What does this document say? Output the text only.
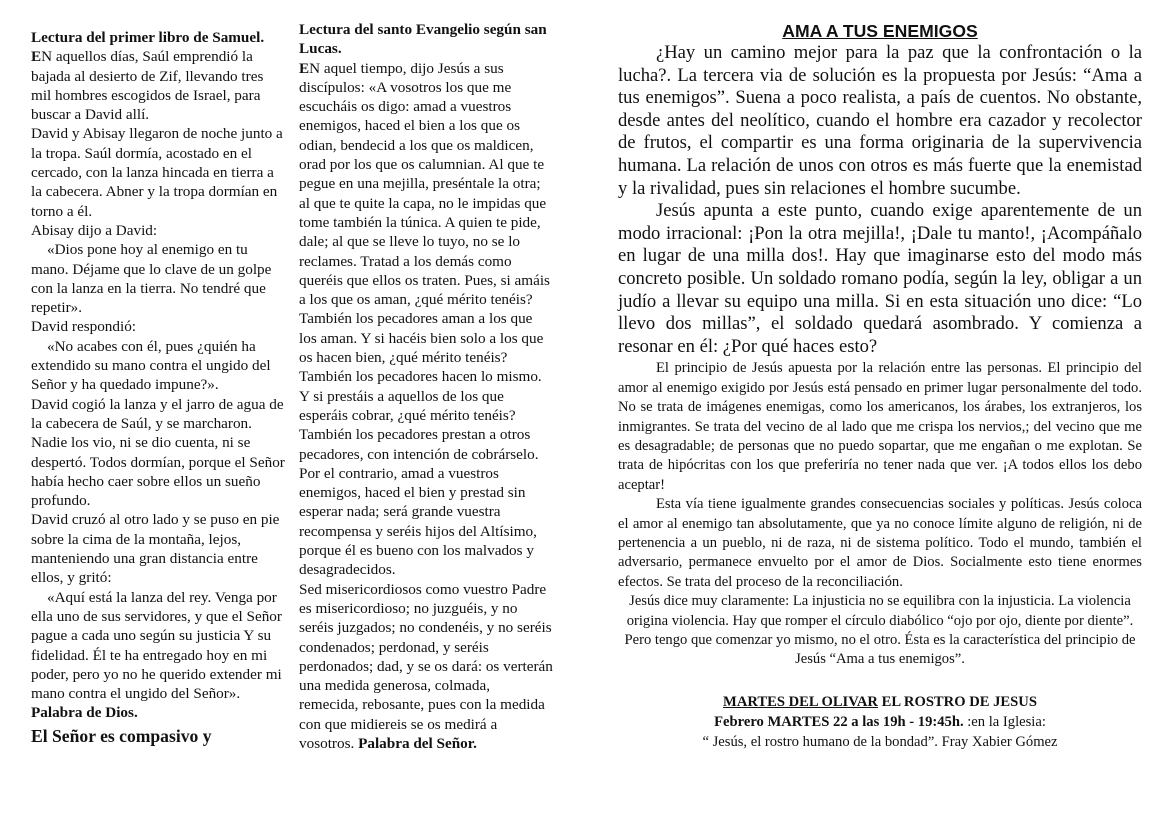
Lectura del primer libro de Samuel.

EN aquellos días, Saúl emprendió la bajada al desierto de Zif, llevando tres mil hombres escogidos de Israel, para buscar a David allí.

David y Abisay llegaron de noche junto a la tropa. Saúl dormía, acostado en el cercado, con la lanza hincada en tierra a la cabecera. Abner y la tropa dormían en torno a él.

Abisay dijo a David:

«Dios pone hoy al enemigo en tu mano. Déjame que lo clave de un golpe con la lanza en la tierra. No tendré que repetir».

David respondió:

«No acabes con él, pues ¿quién ha extendido su mano contra el ungido del Señor y ha quedado impune?».

David cogió la lanza y el jarro de agua de la cabecera de Saúl, y se marcharon. Nadie los vio, ni se dio cuenta, ni se despertó. Todos dormían, porque el Señor había hecho caer sobre ellos un sueño profundo.

David cruzó al otro lado y se puso en pie sobre la cima de la montaña, lejos, manteniendo una gran distancia entre ellos, y gritó:

«Aquí está la lanza del rey. Venga por ella uno de sus servidores, y que el Señor pague a cada uno según su justicia Y su fidelidad. Él te ha entregado hoy en mi poder, pero yo no he querido extender mi mano contra el ungido del Señor». Palabra de Dios.

El Señor es compasivo y

Lectura del santo Evangelio según san Lucas.

EN aquel tiempo, dijo Jesús a sus discípulos: «A vosotros los que me escucháis os digo: amad a vuestros enemigos, haced el bien a los que os odian, bendecid a los que os maldicen, orad por los que os calumnian. Al que te pegue en una mejilla, preséntale la otra; al que te quite la capa, no le impidas que tome también la túnica. A quien te pide, dale; al que se lleve lo tuyo, no se lo reclames. Tratad a los demás como queréis que ellos os traten. Pues, si amáis a los que os aman, ¿qué mérito tenéis? También los pecadores aman a los que los aman. Y si hacéis bien solo a los que os hacen bien, ¿qué mérito tenéis? También los pecadores hacen lo mismo.

Y si prestáis a aquellos de los que esperáis cobrar, ¿qué mérito tenéis? También los pecadores prestan a otros pecadores, con intención de cobrárselo.

Por el contrario, amad a vuestros enemigos, haced el bien y prestad sin esperar nada; será grande vuestra recompensa y seréis hijos del Altísimo, porque él es bueno con los malvados y desagradecidos.

Sed misericordiosos como vuestro Padre es misericordioso; no juzguéis, y no seréis juzgados; no condenéis, y no seréis condenados; perdonad, y seréis perdonados; dad, y se os dará: os verterán una medida generosa, colmada, remecida, rebosante, pues con la medida con que midiereis se os medirá a vosotros. Palabra del Señor.

AMA A TUS ENEMIGOS

¿Hay un camino mejor para la paz que la confrontación o la lucha?. La tercera via de solución es la propuesta por Jesús: “Ama a tus enemigos”. Suena a poco realista, a país de cuentos. No obstante, desde antes del neolítico, cuando el hombre era cazador y recolector de frutos, el compartir es una forma originaria de la supervivencia humana. La relación de unos con otros es más fuerte que la enemistad y la rivalidad, pues sin relaciones el hombre sucumbe.

Jesús apunta a este punto, cuando exige aparentemente de un modo irracional: ¡Pon la otra mejilla!, ¡Dale tu manto!, ¡Acompáñalo en lugar de una milla dos!. Hay que imaginarse esto del modo más concreto posible. Un soldado romano podía, según la ley, obligar a un judío a llevar su equipo una milla. Si en esta situación uno dice: “Lo llevo dos millas”, el soldado quedará asombrado. Y comienza a resonar en él: ¿Por qué haces esto?

El principio de Jesús apuesta por la relación entre las personas. El principio del amor al enemigo exigido por Jesús está pensado en primer lugar personalmente del todo. No se trata de imágenes enemigas, como los americanos, los árabes, los extranjeros, los inmigrantes. Se trata del vecino de al lado que me crispa los nervios,; del vecino que me es desagradable; de personas que no puedo sopartar, que me engañan o me explotan. Se trata de hipócritas con los que preferiría no tener nada que ver. ¡A todos ellos los debo aceptar!

Esta vía tiene igualmente grandes consecuencias sociales y políticas. Jesús coloca el amor al enemigo tan absolutamente, que ya no conoce límite alguno de religión, ni de pertenencia a un pueblo, ni de raza, ni de sistema político. Todo el mundo, también el adversario, permanece envuelto por el amor de Dios. Socialmente esto tiene enormes efectos. Se trata del proceso de la reconciliación.

Jesús dice muy claramente: La injusticia no se equilibra con la injusticia. La violencia origina violencia. Hay que romper el círculo diabólico “ojo por ojo, diente por diente”. Pero tengo que comenzar yo mismo, no el otro. Ésta es la característica del principio de Jesús “Ama a tus enemigos”.

MARTES DEL OLIVAR EL ROSTRO DE JESUS

Febrero MARTES 22 a las 19h - 19:45h. :en la Iglesia:

“ Jesús, el rostro humano de la bondad”. Fray Xabier Gómez
